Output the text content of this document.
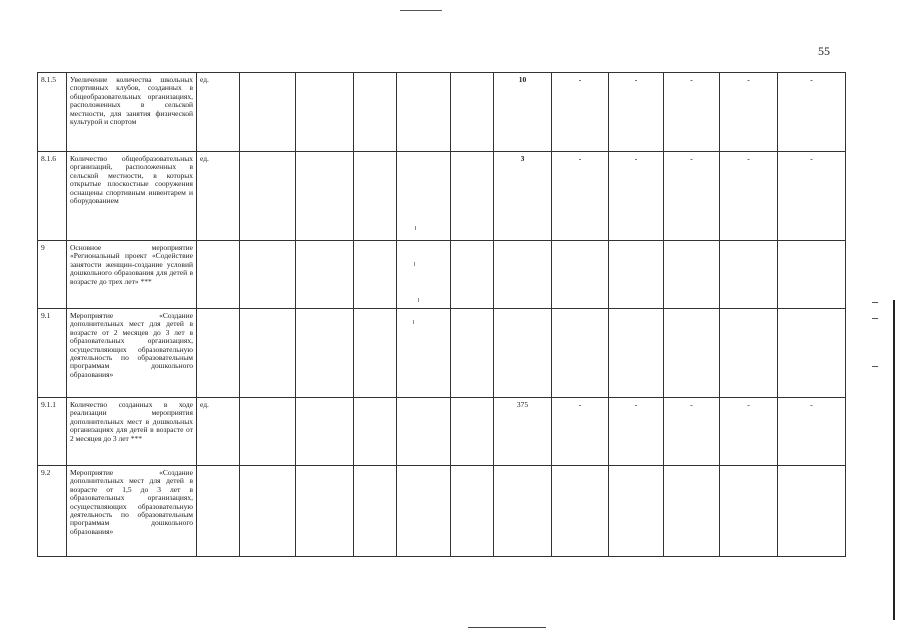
55
8.1.5	Увеличение количества школьных спортивных клубов, созданных в общеобразовательных организациях, расположенных в сельской местности, для занятия физической культурой и спортом	ед.						10	-	-	-	-	-
8.1.6	Количество общеобразовательных организаций, расположенных в сельской местности, в которых открытые плоскостные сооружения оснащены спортивным инвентарем и оборудованием	ед.						3	-	-	-	-	-
9	Основное мероприятие «Региональный проект «Содействие занятости женщин-создание условий дошкольного образования для детей в возрасте до трех лет» ***												
9.1	Мероприятие «Создание дополнительных мест для детей в возрасте от 2 месяцев до 3 лет в образовательных организациях, осуществляющих образовательную деятельность по образовательным программам дошкольного образования»												
9.1.1	Количество созданных в ходе реализации мероприятия дополнительных мест в дошкольных организациях для детей в возрасте от 2 месяцев до 3 лет ***	ед.						375	-	-	-	-	-
9.2	Мероприятие «Создание дополнительных мест для детей в возрасте от 1,5 до 3 лет в образовательных организациях, осуществляющих образовательную деятельность по образовательным программам дошкольного образования»												
